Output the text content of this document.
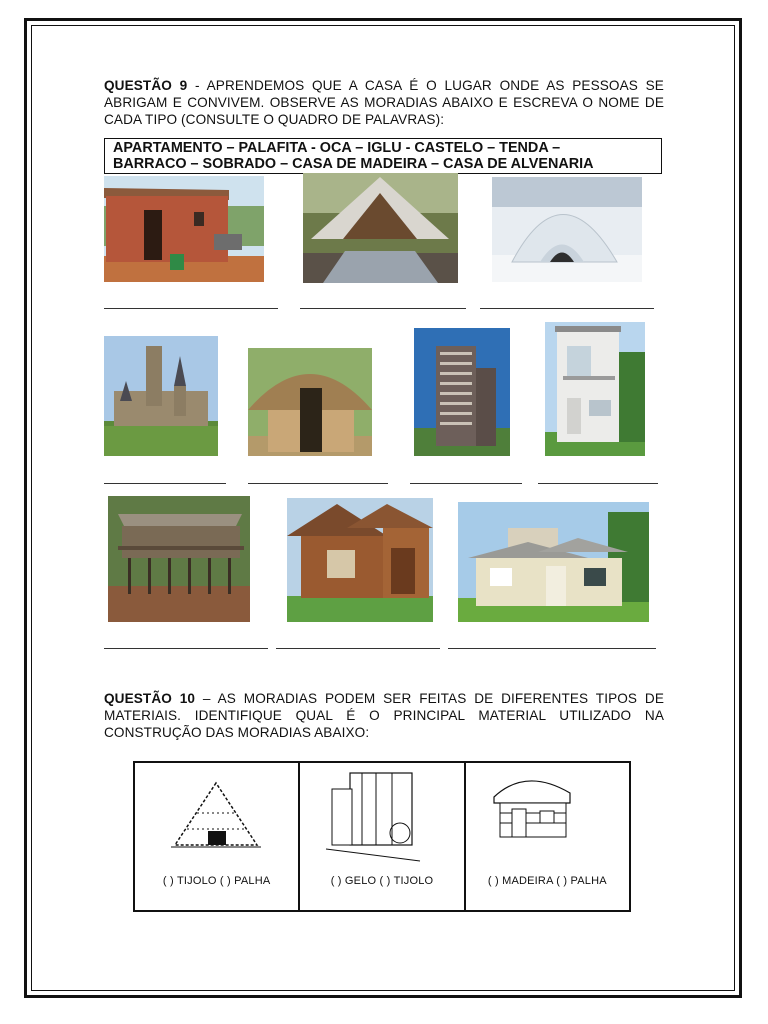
QUESTÃO 9 - APRENDEMOS QUE A CASA É O LUGAR ONDE AS PESSOAS SE ABRIGAM E CONVIVEM. OBSERVE AS MORADIAS ABAIXO E ESCREVA O NOME DE CADA TIPO (CONSULTE O QUADRO DE PALAVRAS):
APARTAMENTO – PALAFITA - OCA – IGLU - CASTELO – TENDA –
BARRACO – SOBRADO – CASA DE MADEIRA – CASA DE ALVENARIA
QUESTÃO 10 – AS MORADIAS PODEM SER FEITAS DE DIFERENTES TIPOS DE MATERIAIS. IDENTIFIQUE QUAL É O PRINCIPAL MATERIAL UTILIZADO NA CONSTRUÇÃO DAS MORADIAS ABAIXO:
( ) TIJOLO ( ) PALHA	( ) GELO ( ) TIJOLO	( ) MADEIRA ( ) PALHA
